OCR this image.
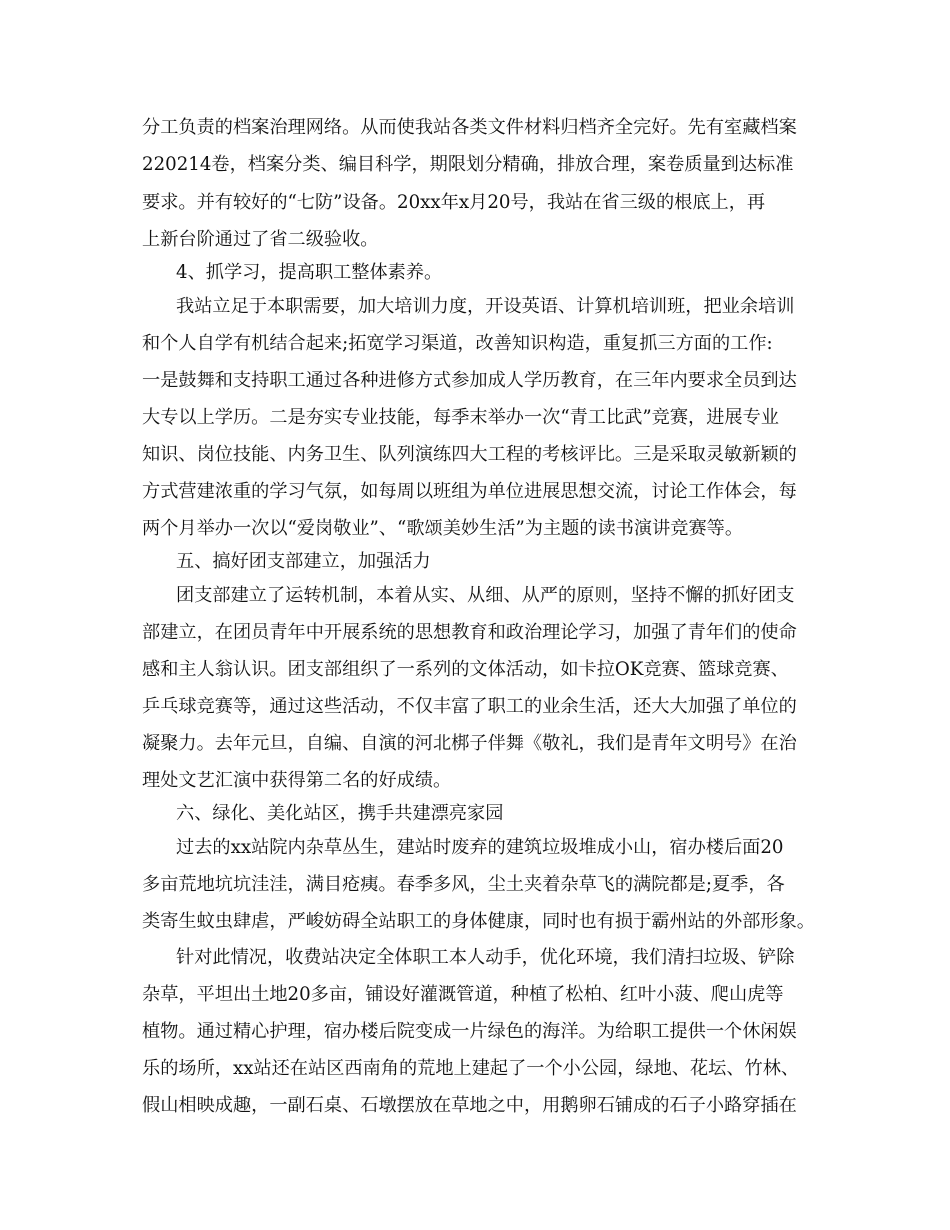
分工负责的档案治理网络。从而使我站各类文件材料归档齐全完好。先有室藏档案
220214卷，档案分类、编目科学，期限划分精确，排放合理，案卷质量到达标准
要求。并有较好的“七防”设备。20xx年x月20号，我站在省三级的根底上，再
上新台阶通过了省二级验收。
4、抓学习，提高职工整体素养。
我站立足于本职需要，加大培训力度，开设英语、计算机培训班，把业余培训
和个人自学有机结合起来;拓宽学习渠道，改善知识构造，重复抓三方面的工作:
一是鼓舞和支持职工通过各种进修方式参加成人学历教育，在三年内要求全员到达
大专以上学历。二是夯实专业技能，每季末举办一次“青工比武”竞赛，进展专业
知识、岗位技能、内务卫生、队列演练四大工程的考核评比。三是采取灵敏新颖的
方式营建浓重的学习气氛，如每周以班组为单位进展思想交流，讨论工作体会，每
两个月举办一次以“爱岗敬业”、“歌颂美妙生活”为主题的读书演讲竞赛等。
五、搞好团支部建立，加强活力
团支部建立了运转机制，本着从实、从细、从严的原则，坚持不懈的抓好团支
部建立，在团员青年中开展系统的思想教育和政治理论学习，加强了青年们的使命
感和主人翁认识。团支部组织了一系列的文体活动，如卡拉OK竞赛、篮球竞赛、
乒乓球竞赛等，通过这些活动，不仅丰富了职工的业余生活，还大大加强了单位的
凝聚力。去年元旦，自编、自演的河北梆子伴舞《敬礼，我们是青年文明号》在治
理处文艺汇演中获得第二名的好成绩。
六、绿化、美化站区，携手共建漂亮家园
过去的xx站院内杂草丛生，建站时废弃的建筑垃圾堆成小山，宿办楼后面20
多亩荒地坑坑洼洼，满目疮痍。春季多风，尘土夹着杂草飞的满院都是;夏季，各
类寄生蚊虫肆虐，严峻妨碍全站职工的身体健康，同时也有损于霸州站的外部形象。
针对此情况，收费站决定全体职工本人动手，优化环境，我们清扫垃圾、铲除
杂草，平坦出土地20多亩，铺设好灌溉管道，种植了松柏、红叶小菠、爬山虎等
植物。通过精心护理，宿办楼后院变成一片绿色的海洋。为给职工提供一个休闲娱
乐的场所，xx站还在站区西南角的荒地上建起了一个小公园，绿地、花坛、竹林、
假山相映成趣，一副石桌、石墩摆放在草地之中，用鹅卵石铺成的石子小路穿插在
